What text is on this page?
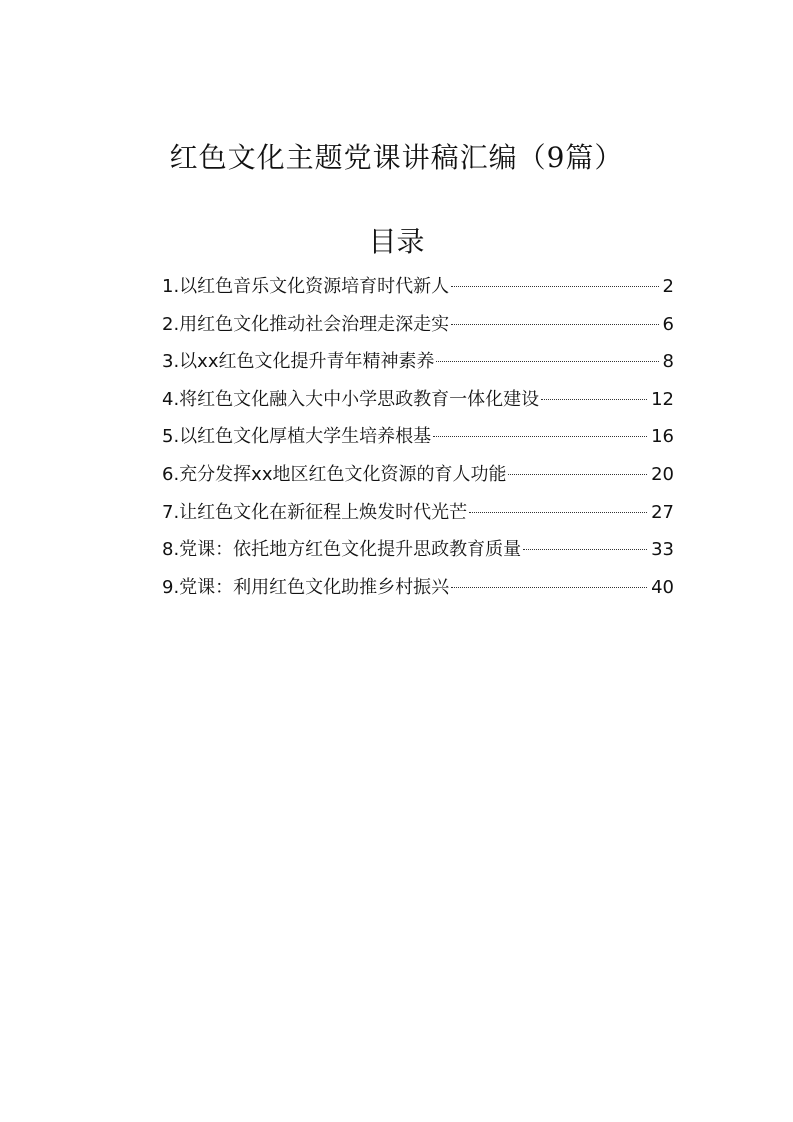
红色文化主题党课讲稿汇编（9篇）
目录
1.以红色音乐文化资源培育时代新人	2
2.用红色文化推动社会治理走深走实	6
3.以xx红色文化提升青年精神素养	8
4.将红色文化融入大中小学思政教育一体化建设	12
5.以红色文化厚植大学生培养根基	16
6.充分发挥xx地区红色文化资源的育人功能	20
7.让红色文化在新征程上焕发时代光芒	27
8.党课：依托地方红色文化提升思政教育质量	33
9.党课：利用红色文化助推乡村振兴	40
